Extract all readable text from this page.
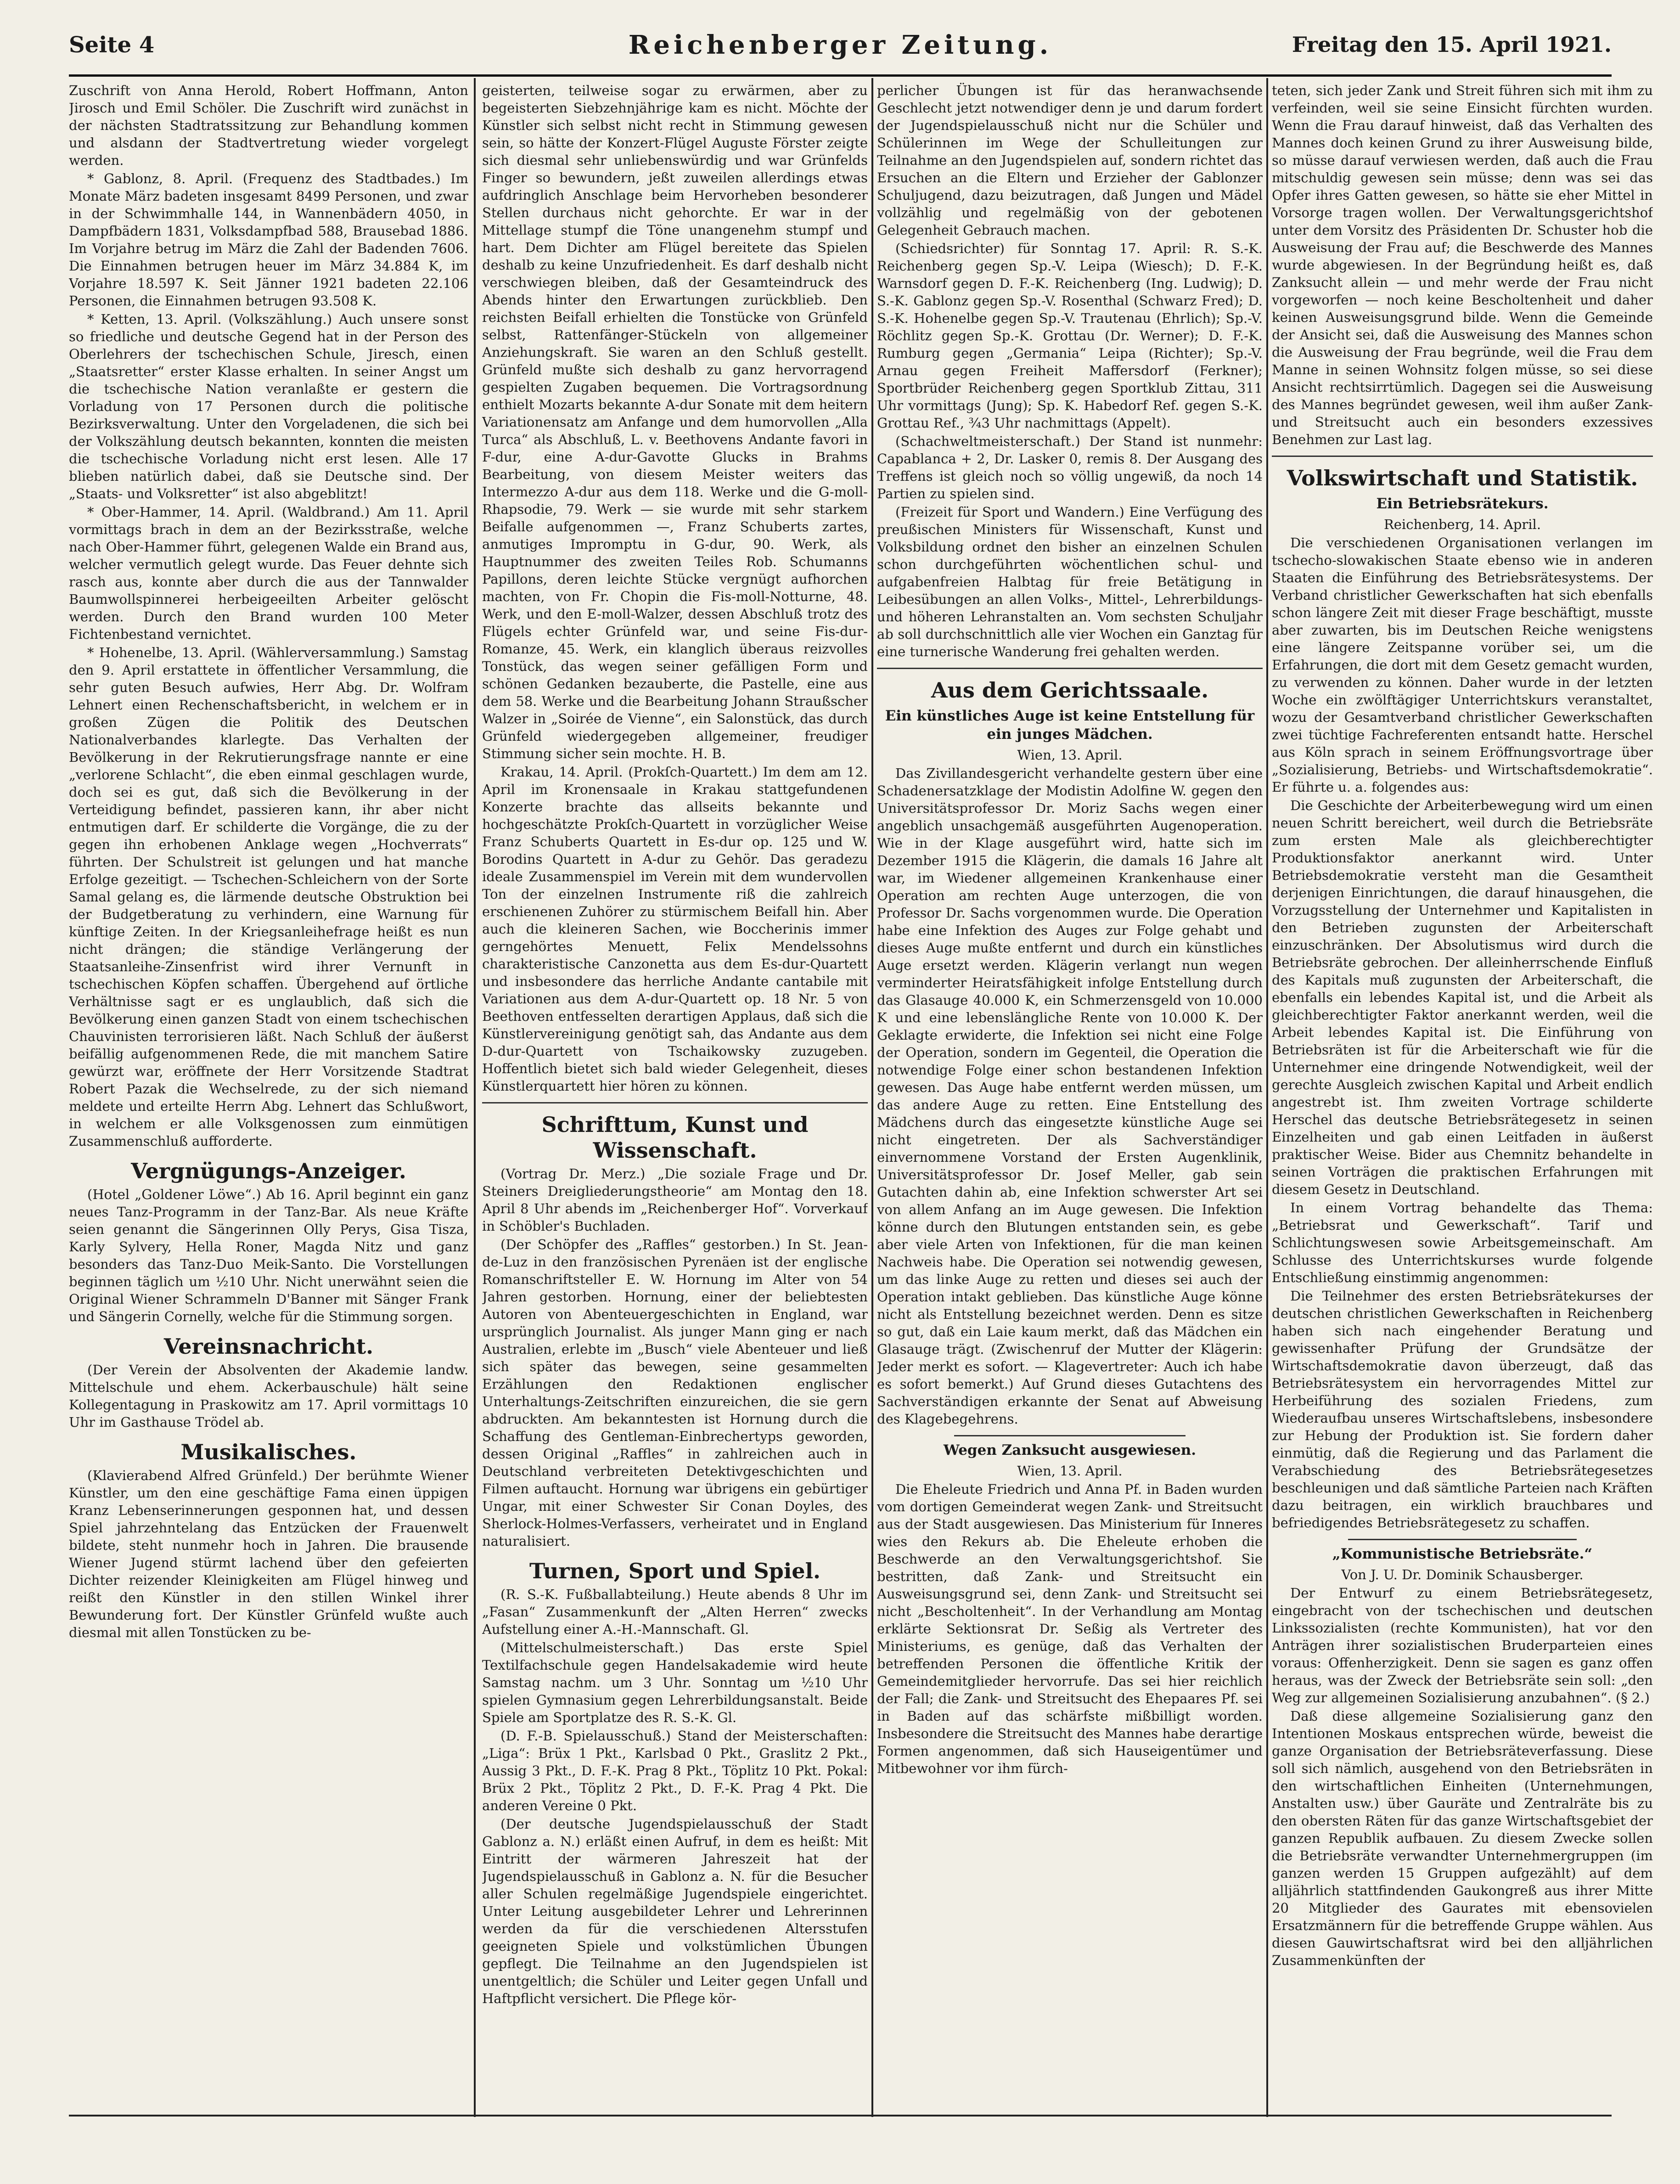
Seite 4	Reichenberger Zeitung.	Freitag den 15. April 1921.

Zuschrift von Anna Herold, Robert Hoffmann, Anton Jirosch und Emil Schöler. Die Zuschrift wird zunächst in der nächsten Stadtratssitzung zur Behandlung kommen und alsdann der Stadtvertretung wieder vorgelegt werden.

* Gablonz, 8. April. (Frequenz des Stadtbades.) Im Monate März badeten insgesamt 8499 Personen, und zwar in der Schwimmhalle 144, in Wannenbädern 4050, in Dampfbädern 1831, Volksdampfbad 588, Brausebad 1886. Im Vorjahre betrug im März die Zahl der Badenden 7606. Die Einnahmen betrugen heuer im März 34.884 K, im Vorjahre 18.597 K. Seit Jänner 1921 badeten 22.106 Personen, die Einnahmen betrugen 93.508 K.

* Ketten, 13. April. (Volkszählung.) Auch unsere sonst so friedliche und deutsche Gegend hat in der Person des Oberlehrers der tschechischen Schule, Jiresch, einen „Staatsretter“ erster Klasse erhalten. In seiner Angst um die tschechische Nation veranlaßte er gestern die Vorladung von 17 Personen durch die politische Bezirksverwaltung. Unter den Vorgeladenen, die sich bei der Volkszählung deutsch bekannten, konnten die meisten die tschechische Vorladung nicht erst lesen. Alle 17 blieben natürlich dabei, daß sie Deutsche sind. Der „Staats- und Volksretter“ ist also abgeblitzt!

* Ober-Hammer, 14. April. (Waldbrand.) Am 11. April vormittags brach in dem an der Bezirksstraße, welche nach Ober-Hammer führt, gelegenen Walde ein Brand aus, welcher vermutlich gelegt wurde. Das Feuer dehnte sich rasch aus, konnte aber durch die aus der Tannwalder Baumwollspinnerei herbeigeeilten Arbeiter gelöscht werden. Durch den Brand wurden 100 Meter Fichtenbestand vernichtet.

* Hohenelbe, 13. April. (Wählerversammlung.) Samstag den 9. April erstattete in öffentlicher Versammlung, die sehr guten Besuch aufwies, Herr Abg. Dr. Wolfram Lehnert einen Rechenschaftsbericht, in welchem er in großen Zügen die Politik des Deutschen Nationalverbandes klarlegte. Das Verhalten der Bevölkerung in der Rekrutierungsfrage nannte er eine „verlorene Schlacht“, die eben einmal geschlagen wurde, doch sei es gut, daß sich die Bevölkerung in der Verteidigung befindet, passieren kann, ihr aber nicht entmutigen darf. Er schilderte die Vorgänge, die zu der gegen ihn erhobenen Anklage wegen „Hochverrats“ führten. Der Schulstreit ist gelungen und hat manche Erfolge gezeitigt. — Tschechen-Schleichern von der Sorte Samal gelang es, die lärmende deutsche Obstruktion bei der Budgetberatung zu verhindern, eine Warnung für künftige Zeiten. In der Kriegsanleihefrage heißt es nun nicht drängen; die ständige Verlängerung der Staatsanleihe-Zinsenfrist wird ihrer Vernunft in tschechischen Köpfen schaffen. Übergehend auf örtliche Verhältnisse sagt er es unglaublich, daß sich die Bevölkerung einen ganzen Stadt von einem tschechischen Chauvinisten terrorisieren läßt. Nach Schluß der äußerst beifällig aufgenommenen Rede, die mit manchem Satire gewürzt war, eröffnete der Herr Vorsitzende Stadtrat Robert Pazak die Wechselrede, zu der sich niemand meldete und erteilte Herrn Abg. Lehnert das Schlußwort, in welchem er alle Volksgenossen zum einmütigen Zusammenschluß aufforderte.

Vergnügungs-Anzeiger.

(Hotel „Goldener Löwe“.) Ab 16. April beginnt ein ganz neues Tanz-Programm in der Tanz-Bar. Als neue Kräfte seien genannt die Sängerinnen Olly Perys, Gisa Tisza, Karly Sylvery, Hella Roner, Magda Nitz und ganz besonders das Tanz-Duo Meik-Santo. Die Vorstellungen beginnen täglich um ½10 Uhr. Nicht unerwähnt seien die Original Wiener Schrammeln D'Banner mit Sänger Frank und Sängerin Cornelly, welche für die Stimmung sorgen.

Vereinsnachricht.

(Der Verein der Absolventen der Akademie landw. Mittelschule und ehem. Ackerbauschule) hält seine Kollegentagung in Praskowitz am 17. April vormittags 10 Uhr im Gasthause Trödel ab.

Musikalisches.

(Klavierabend Alfred Grünfeld.) Der berühmte Wiener Künstler, um den eine geschäftige Fama einen üppigen Kranz Lebenserinnerungen gesponnen hat, und dessen Spiel jahrzehntelang das Entzücken der Frauenwelt bildete, steht nunmehr hoch in Jahren. Die brausende Wiener Jugend stürmt lachend über den gefeierten Dichter reizender Kleinigkeiten am Flügel hinweg und reißt den Künstler in den stillen Winkel ihrer Bewunderung fort. Der Künstler Grünfeld wußte auch diesmal mit allen Tonstücken zu be-

geisterten, teilweise sogar zu erwärmen, aber zu begeisterten Siebzehnjährige kam es nicht. Möchte der Künstler sich selbst nicht recht in Stimmung gewesen sein, so hätte der Konzert-Flügel Auguste Förster zeigte sich diesmal sehr unliebenswürdig und war Grünfelds Finger so bewundern, jeßt zuweilen allerdings etwas aufdringlich Anschlage beim Hervorheben besonderer Stellen durchaus nicht gehorchte. Er war in der Mittellage stumpf die Töne unangenehm stumpf und hart. Dem Dichter am Flügel bereitete das Spielen deshalb zu keine Unzufriedenheit. Es darf deshalb nicht verschwiegen bleiben, daß der Gesamteindruck des Abends hinter den Erwartungen zurückblieb. Den reichsten Beifall erhielten die Tonstücke von Grünfeld selbst, Rattenfänger-Stückeln von allgemeiner Anziehungskraft. Sie waren an den Schluß gestellt. Grünfeld mußte sich deshalb zu ganz hervorragend gespielten Zugaben bequemen. Die Vortragsordnung enthielt Mozarts bekannte A-dur Sonate mit dem heitern Variationensatz am Anfange und dem humorvollen „Alla Turca“ als Abschluß, L. v. Beethovens Andante favori in F-dur, eine A-dur-Gavotte Glucks in Brahms Bearbeitung, von diesem Meister weiters das Intermezzo A-dur aus dem 118. Werke und die G-moll-Rhapsodie, 79. Werk — sie wurde mit sehr starkem Beifalle aufgenommen —, Franz Schuberts zartes, anmutiges Impromptu in G-dur, 90. Werk, als Hauptnummer des zweiten Teiles Rob. Schumanns Papillons, deren leichte Stücke vergnügt aufhorchen machten, von Fr. Chopin die Fis-moll-Notturne, 48. Werk, und den E-moll-Walzer, dessen Abschluß trotz des Flügels echter Grünfeld war, und seine Fis-dur-Romanze, 45. Werk, ein klanglich überaus reizvolles Tonstück, das wegen seiner gefälligen Form und schönen Gedanken bezauberte, die Pastelle, eine aus dem 58. Werke und die Bearbeitung Johann Straußscher Walzer in „Soirée de Vienne“, ein Salonstück, das durch Grünfeld wiedergegeben allgemeiner, freudiger Stimmung sicher sein mochte. H. B.

Krakau, 14. April. (Prokſch-Quartett.) Im dem am 12. April im Kronensaale in Krakau stattgefundenen Konzerte brachte das allseits bekannte und hochgeschätzte Prokſch-Quartett in vorzüglicher Weise Franz Schuberts Quartett in Es-dur op. 125 und W. Borodins Quartett in A-dur zu Gehör. Das geradezu ideale Zusammenspiel im Verein mit dem wundervollen Ton der einzelnen Instrumente riß die zahlreich erschienenen Zuhörer zu stürmischem Beifall hin. Aber auch die kleineren Sachen, wie Boccherinis immer gerngehörtes Menuett, Felix Mendelssohns charakteristische Canzonetta aus dem Es-dur-Quartett und insbesondere das herrliche Andante cantabile mit Variationen aus dem A-dur-Quartett op. 18 Nr. 5 von Beethoven entfesselten derartigen Applaus, daß sich die Künstlervereinigung genötigt sah, das Andante aus dem D-dur-Quartett von Tschaikowsky zuzugeben. Hoffentlich bietet sich bald wieder Gelegenheit, dieses Künstlerquartett hier hören zu können.

Schrifttum, Kunst und Wissenschaft.

(Vortrag Dr. Merz.) „Die soziale Frage und Dr. Steiners Dreigliederungstheorie“ am Montag den 18. April 8 Uhr abends im „Reichenberger Hof“. Vorverkauf in Schöbler's Buchladen.

(Der Schöpfer des „Raffles“ gestorben.) In St. Jean-de-Luz in den französischen Pyrenäen ist der englische Romanschriftsteller E. W. Hornung im Alter von 54 Jahren gestorben. Hornung, einer der beliebtesten Autoren von Abenteuergeschichten in England, war ursprünglich Journalist. Als junger Mann ging er nach Australien, erlebte im „Busch“ viele Abenteuer und ließ sich später das bewegen, seine gesammelten Erzählungen den Redaktionen englischer Unterhaltungs-Zeitschriften einzureichen, die sie gern abdruckten. Am bekanntesten ist Hornung durch die Schaffung des Gentleman-Einbrechertyps geworden, dessen Original „Raffles“ in zahlreichen auch in Deutschland verbreiteten Detektivgeschichten und Filmen auftaucht. Hornung war übrigens ein gebürtiger Ungar, mit einer Schwester Sir Conan Doyles, des Sherlock-Holmes-Verfassers, verheiratet und in England naturalisiert.

Turnen, Sport und Spiel.

(R. S.-K. Fußballabteilung.) Heute abends 8 Uhr im „Fasan“ Zusammenkunft der „Alten Herren“ zwecks Aufstellung einer A.-H.-Mannschaft. Gl.

(Mittelschulmeisterschaft.) Das erste Spiel Textilfachschule gegen Handelsakademie wird heute Samstag nachm. um 3 Uhr. Sonntag um ½10 Uhr spielen Gymnasium gegen Lehrerbildungsanstalt. Beide Spiele am Sportplatze des R. S.-K. Gl.

(D. F.-B. Spielausschuß.) Stand der Meisterschaften: „Liga“: Brüx 1 Pkt., Karlsbad 0 Pkt., Graslitz 2 Pkt., Aussig 3 Pkt., D. F.-K. Prag 8 Pkt., Töplitz 10 Pkt. Pokal: Brüx 2 Pkt., Töplitz 2 Pkt., D. F.-K. Prag 4 Pkt. Die anderen Vereine 0 Pkt.

(Der deutsche Jugendspielausschuß der Stadt Gablonz a. N.) erläßt einen Aufruf, in dem es heißt: Mit Eintritt der wärmeren Jahreszeit hat der Jugendspielausschuß in Gablonz a. N. für die Besucher aller Schulen regelmäßige Jugendspiele eingerichtet. Unter Leitung ausgebildeter Lehrer und Lehrerinnen werden da für die verschiedenen Altersstufen geeigneten Spiele und volkstümlichen Übungen gepflegt. Die Teilnahme an den Jugendspielen ist unentgeltlich; die Schüler und Leiter gegen Unfall und Haftpflicht versichert. Die Pflege kör-

perlicher Übungen ist für das heranwachsende Geschlecht jetzt notwendiger denn je und darum fordert der Jugendspielausschuß nicht nur die Schüler und Schülerinnen im Wege der Schulleitungen zur Teilnahme an den Jugendspielen auf, sondern richtet das Ersuchen an die Eltern und Erzieher der Gablonzer Schuljugend, dazu beizutragen, daß Jungen und Mädel vollzählig und regelmäßig von der gebotenen Gelegenheit Gebrauch machen.

(Schiedsrichter) für Sonntag 17. April: R. S.-K. Reichenberg gegen Sp.-V. Leipa (Wiesch); D. F.-K. Warnsdorf gegen D. F.-K. Reichenberg (Ing. Ludwig); D. S.-K. Gablonz gegen Sp.-V. Rosenthal (Schwarz Fred); D. S.-K. Hohenelbe gegen Sp.-V. Trautenau (Ehrlich); Sp.-V. Röchlitz gegen Sp.-K. Grottau (Dr. Werner); D. F.-K. Rumburg gegen „Germania“ Leipa (Richter); Sp.-V. Arnau gegen Freiheit Maffersdorf (Ferkner); Sportbrüder Reichenberg gegen Sportklub Zittau, 311 Uhr vormittags (Jung); Sp. K. Habedorf Ref. gegen S.-K. Grottau Ref., ¾3 Uhr nachmittags (Appelt).

(Schachweltmeisterschaft.) Der Stand ist nunmehr: Capablanca + 2, Dr. Lasker 0, remis 8. Der Ausgang des Treffens ist gleich noch so völlig ungewiß, da noch 14 Partien zu spielen sind.

(Freizeit für Sport und Wandern.) Eine Verfügung des preußischen Ministers für Wissenschaft, Kunst und Volksbildung ordnet den bisher an einzelnen Schulen schon durchgeführten wöchentlichen schul- und aufgabenfreien Halbtag für freie Betätigung in Leibesübungen an allen Volks-, Mittel-, Lehrerbildungs- und höheren Lehranstalten an. Vom sechsten Schuljahr ab soll durchschnittlich alle vier Wochen ein Ganztag für eine turnerische Wanderung frei gehalten werden.

Aus dem Gerichtssaale.
Ein künstliches Auge ist keine Entstellung für ein junges Mädchen.

Wien, 13. April.

Das Zivillandesgericht verhandelte gestern über eine Schadenersatzklage der Modistin Adolfine W. gegen den Universitätsprofessor Dr. Moriz Sachs wegen einer angeblich unsachgemäß ausgeführten Augenoperation. Wie in der Klage ausgeführt wird, hatte sich im Dezember 1915 die Klägerin, die damals 16 Jahre alt war, im Wiedener allgemeinen Krankenhause einer Operation am rechten Auge unterzogen, die von Professor Dr. Sachs vorgenommen wurde. Die Operation habe eine Infektion des Auges zur Folge gehabt und dieses Auge mußte entfernt und durch ein künstliches Auge ersetzt werden. Klägerin verlangt nun wegen verminderter Heiratsfähigkeit infolge Entstellung durch das Glasauge 40.000 K, ein Schmerzensgeld von 10.000 K und eine lebenslängliche Rente von 10.000 K. Der Geklagte erwiderte, die Infektion sei nicht eine Folge der Operation, sondern im Gegenteil, die Operation die notwendige Folge einer schon bestandenen Infektion gewesen. Das Auge habe entfernt werden müssen, um das andere Auge zu retten. Eine Entstellung des Mädchens durch das eingesetzte künstliche Auge sei nicht eingetreten. Der als Sachverständiger einvernommene Vorstand der Ersten Augenklinik, Universitätsprofessor Dr. Josef Meller, gab sein Gutachten dahin ab, eine Infektion schwerster Art sei von allem Anfang an im Auge gewesen. Die Infektion könne durch den Blutungen entstanden sein, es gebe aber viele Arten von Infektionen, für die man keinen Nachweis habe. Die Operation sei notwendig gewesen, um das linke Auge zu retten und dieses sei auch der Operation intakt geblieben. Das künstliche Auge könne nicht als Entstellung bezeichnet werden. Denn es sitze so gut, daß ein Laie kaum merkt, daß das Mädchen ein Glasauge trägt. (Zwischenruf der Mutter der Klägerin: Jeder merkt es sofort. — Klagevertreter: Auch ich habe es sofort bemerkt.) Auf Grund dieses Gutachtens des Sachverständigen erkannte der Senat auf Abweisung des Klagebegehrens.

Wegen Zanksucht ausgewiesen.

Wien, 13. April.

Die Eheleute Friedrich und Anna Pf. in Baden wurden vom dortigen Gemeinderat wegen Zank- und Streitsucht aus der Stadt ausgewiesen. Das Ministerium für Inneres wies den Rekurs ab. Die Eheleute erhoben die Beschwerde an den Verwaltungsgerichtshof. Sie bestritten, daß Zank- und Streitsucht ein Ausweisungsgrund sei, denn Zank- und Streitsucht sei nicht „Bescholtenheit“. In der Verhandlung am Montag erklärte Sektionsrat Dr. Seßig als Vertreter des Ministeriums, es genüge, daß das Verhalten der betreffenden Personen die öffentliche Kritik der Gemeindemitglieder hervorrufe. Das sei hier reichlich der Fall; die Zank- und Streitsucht des Ehepaares Pf. sei in Baden auf das schärfste mißbilligt worden. Insbesondere die Streitsucht des Mannes habe derartige Formen angenommen, daß sich Hauseigentümer und Mitbewohner vor ihm fürch-

teten, sich jeder Zank und Streit führen sich mit ihm zu verfeinden, weil sie seine Einsicht fürchten wurden. Wenn die Frau darauf hinweist, daß das Verhalten des Mannes doch keinen Grund zu ihrer Ausweisung bilde, so müsse darauf verwiesen werden, daß auch die Frau mitschuldig gewesen sein müsse; denn was sei das Opfer ihres Gatten gewesen, so hätte sie eher Mittel in Vorsorge tragen wollen. Der Verwaltungsgerichtshof unter dem Vorsitz des Präsidenten Dr. Schuster hob die Ausweisung der Frau auf; die Beschwerde des Mannes wurde abgewiesen. In der Begründung heißt es, daß Zanksucht allein — und mehr werde der Frau nicht vorgeworfen — noch keine Bescholtenheit und daher keinen Ausweisungsgrund bilde. Wenn die Gemeinde der Ansicht sei, daß die Ausweisung des Mannes schon die Ausweisung der Frau begründe, weil die Frau dem Manne in seinen Wohnsitz folgen müsse, so sei diese Ansicht rechtsirrtümlich. Dagegen sei die Ausweisung des Mannes begründet gewesen, weil ihm außer Zank- und Streitsucht auch ein besonders exzessives Benehmen zur Last lag.

Volkswirtschaft und Statistik.
Ein Betriebsrätekurs.

Reichenberg, 14. April.

Die verschiedenen Organisationen verlangen im tschecho-slowakischen Staate ebenso wie in anderen Staaten die Einführung des Betriebsrätesystems. Der Verband christlicher Gewerkschaften hat sich ebenfalls schon längere Zeit mit dieser Frage beschäftigt, musste aber zuwarten, bis im Deutschen Reiche wenigstens eine längere Zeitspanne vorüber sei, um die Erfahrungen, die dort mit dem Gesetz gemacht wurden, zu verwenden zu können. Daher wurde in der letzten Woche ein zwölftägiger Unterrichtskurs veranstaltet, wozu der Gesamtverband christlicher Gewerkschaften zwei tüchtige Fachreferenten entsandt hatte. Herschel aus Köln sprach in seinem Eröffnungsvortrage über „Sozialisierung, Betriebs- und Wirtschaftsdemokratie“. Er führte u. a. folgendes aus:

Die Geschichte der Arbeiterbewegung wird um einen neuen Schritt bereichert, weil durch die Betriebsräte zum ersten Male als gleichberechtigter Produktionsfaktor anerkannt wird. Unter Betriebsdemokratie versteht man die Gesamtheit derjenigen Einrichtungen, die darauf hinausgehen, die Vorzugsstellung der Unternehmer und Kapitalisten in den Betrieben zugunsten der Arbeiterschaft einzuschränken. Der Absolutismus wird durch die Betriebsräte gebrochen. Der alleinherrschende Einfluß des Kapitals muß zugunsten der Arbeiterschaft, die ebenfalls ein lebendes Kapital ist, und die Arbeit als gleichberechtigter Faktor anerkannt werden, weil die Arbeit lebendes Kapital ist. Die Einführung von Betriebsräten ist für die Arbeiterschaft wie für die Unternehmer eine dringende Notwendigkeit, weil der gerechte Ausgleich zwischen Kapital und Arbeit endlich angestrebt ist. Ihm zweiten Vortrage schilderte Herschel das deutsche Betriebsrätegesetz in seinen Einzelheiten und gab einen Leitfaden in äußerst praktischer Weise. Bider aus Chemnitz behandelte in seinen Vorträgen die praktischen Erfahrungen mit diesem Gesetz in Deutschland.

In einem Vortrag behandelte das Thema: „Betriebsrat und Gewerkschaft“. Tarif und Schlichtungswesen sowie Arbeitsgemeinschaft. Am Schlusse des Unterrichtskurses wurde folgende Entschließung einstimmig angenommen:

Die Teilnehmer des ersten Betriebsrätekurses der deutschen christlichen Gewerkschaften in Reichenberg haben sich nach eingehender Beratung und gewissenhafter Prüfung der Grundsätze der Wirtschaftsdemokratie davon überzeugt, daß das Betriebsrätesystem ein hervorragendes Mittel zur Herbeiführung des sozialen Friedens, zum Wiederaufbau unseres Wirtschaftslebens, insbesondere zur Hebung der Produktion ist. Sie fordern daher einmütig, daß die Regierung und das Parlament die Verabschiedung des Betriebsrätegesetzes beschleunigen und daß sämtliche Parteien nach Kräften dazu beitragen, ein wirklich brauchbares und befriedigendes Betriebsrätegesetz zu schaffen.

„Kommunistische Betriebsräte.“

Von J. U. Dr. Dominik Schausberger.

Der Entwurf zu einem Betriebsrätegesetz, eingebracht von der tschechischen und deutschen Linkssozialisten (rechte Kommunisten), hat vor den Anträgen ihrer sozialistischen Bruderparteien eines voraus: Offenherzigkeit. Denn sie sagen es ganz offen heraus, was der Zweck der Betriebsräte sein soll: „den Weg zur allgemeinen Sozialisierung anzubahnen“. (§ 2.)

Daß diese allgemeine Sozialisierung ganz den Intentionen Moskaus entsprechen würde, beweist die ganze Organisation der Betriebsräteverfassung. Diese soll sich nämlich, ausgehend von den Betriebsräten in den wirtschaftlichen Einheiten (Unternehmungen, Anstalten usw.) über Gauräte und Zentralräte bis zu den obersten Räten für das ganze Wirtschaftsgebiet der ganzen Republik aufbauen. Zu diesem Zwecke sollen die Betriebsräte verwandter Unternehmergruppen (im ganzen werden 15 Gruppen aufgezählt) auf dem alljährlich stattfindenden Gaukongreß aus ihrer Mitte 20 Mitglieder des Gaurates mit ebensovielen Ersatzmännern für die betreffende Gruppe wählen. Aus diesen Gauwirtschaftsrat wird bei den alljährlichen Zusammenkünften der
